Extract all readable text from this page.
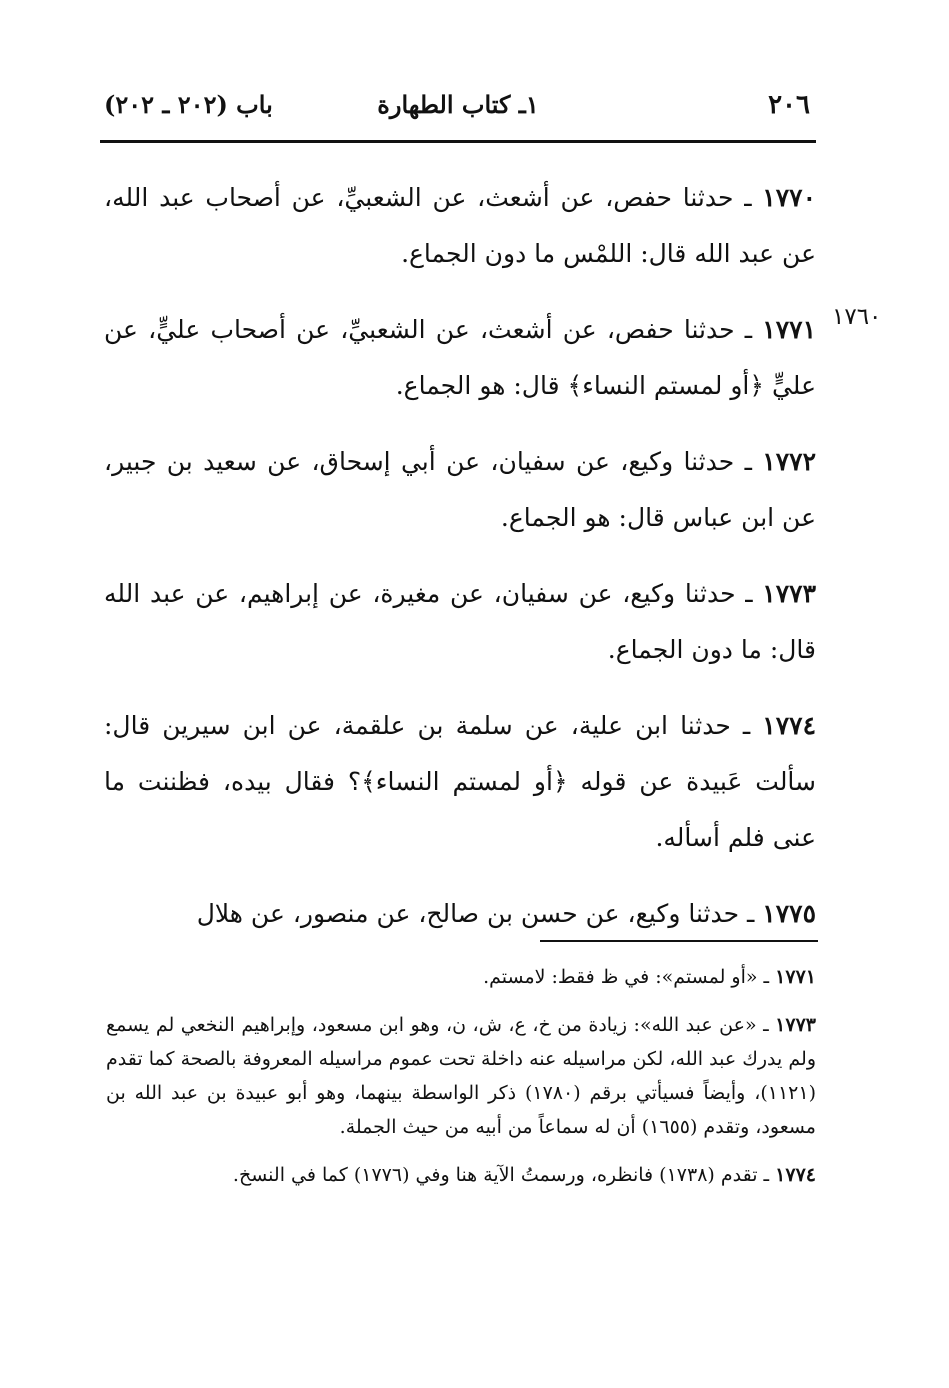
٢٠٦
١ـ كتاب الطهارة
باب (٢٠٢ ـ ٢٠٢)
١٧٦٠

١٧٧٠ ـ حدثنا حفص، عن أشعث، عن الشعبيِّ، عن أصحاب عبد الله، عن عبد الله قال: اللمْس ما دون الجماع.

١٧٧١ ـ حدثنا حفص، عن أشعث، عن الشعبيِّ، عن أصحاب عليٍّ، عن عليٍّ ﴿أو لمستم النساء﴾ قال: هو الجماع.

١٧٧٢ ـ حدثنا وكيع، عن سفيان، عن أبي إسحاق، عن سعيد بن جبير، عن ابن عباس قال: هو الجماع.

١٧٧٣ ـ حدثنا وكيع، عن سفيان، عن مغيرة، عن إبراهيم، عن عبد الله قال: ما دون الجماع.

١٧٧٤ ـ حدثنا ابن علية، عن سلمة بن علقمة، عن ابن سيرين قال: سألت عَبيدة عن قوله ﴿أو لمستم النساء﴾؟ فقال بيده، فظننت ما عنى فلم أسأله.

١٧٧٥ ـ حدثنا وكيع، عن حسن بن صالح، عن منصور، عن هلال

١٧٧١ ـ «أو لمستم»: في ظ فقط: لامستم.

١٧٧٣ ـ «عن عبد الله»: زيادة من خ، ع، ش، ن، وهو ابن مسعود، وإبراهيم النخعي لم يسمع ولم يدرك عبد الله، لكن مراسيله عنه داخلة تحت عموم مراسيله المعروفة بالصحة كما تقدم (١١٢١)، وأيضاً فسيأتي برقم (١٧٨٠) ذكر الواسطة بينهما، وهو أبو عبيدة بن عبد الله بن مسعود، وتقدم (١٦٥٥) أن له سماعاً من أبيه من حيث الجملة.

١٧٧٤ ـ تقدم (١٧٣٨) فانظره، ورسمتُ الآية هنا وفي (١٧٧٦) كما في النسخ.
